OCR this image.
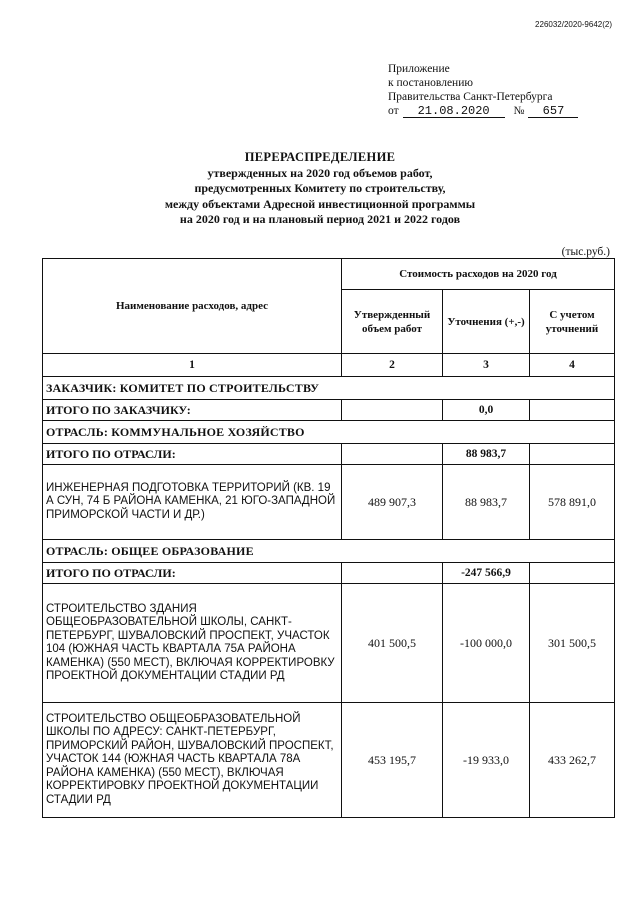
226032/2020-9642(2)
Приложение
к постановлению
Правительства Санкт-Петербурга
от 21.08.2020 № 657
ПЕРЕРАСПРЕДЕЛЕНИЕ
утвержденных на 2020 год объемов работ,
предусмотренных Комитету по строительству,
между объектами Адресной инвестиционной программы
на 2020 год и на плановый период 2021 и 2022 годов
(тыс.руб.)
Наименование расходов, адрес	Стоимость расходов на 2020 год		
	Утвержденный объем работ	Уточнения (+,-)	С учетом уточнений
1	2	3	4
ЗАКАЗЧИК: КОМИТЕТ ПО СТРОИТЕЛЬСТВУ			
ИТОГО ПО ЗАКАЗЧИКУ:		0,0	
ОТРАСЛЬ: КОММУНАЛЬНОЕ ХОЗЯЙСТВО			
ИТОГО ПО ОТРАСЛИ:		88 983,7	
ИНЖЕНЕРНАЯ ПОДГОТОВКА ТЕРРИТОРИЙ (КВ. 19 А СУН, 74 Б РАЙОНА КАМЕНКА, 21 ЮГО-ЗАПАДНОЙ ПРИМОРСКОЙ ЧАСТИ И ДР.)	489 907,3	88 983,7	578 891,0
ОТРАСЛЬ: ОБЩЕЕ ОБРАЗОВАНИЕ			
ИТОГО ПО ОТРАСЛИ:		-247 566,9	
СТРОИТЕЛЬСТВО ЗДАНИЯ ОБЩЕОБРАЗОВАТЕЛЬНОЙ ШКОЛЫ, САНКТ-ПЕТЕРБУРГ, ШУВАЛОВСКИЙ ПРОСПЕКТ, УЧАСТОК 104 (ЮЖНАЯ ЧАСТЬ КВАРТАЛА 75А РАЙОНА КАМЕНКА) (550 МЕСТ), ВКЛЮЧАЯ КОРРЕКТИРОВКУ ПРОЕКТНОЙ ДОКУМЕНТАЦИИ СТАДИИ РД	401 500,5	-100 000,0	301 500,5
СТРОИТЕЛЬСТВО ОБЩЕОБРАЗОВАТЕЛЬНОЙ ШКОЛЫ ПО АДРЕСУ: САНКТ-ПЕТЕРБУРГ, ПРИМОРСКИЙ РАЙОН, ШУВАЛОВСКИЙ ПРОСПЕКТ, УЧАСТОК 144 (ЮЖНАЯ ЧАСТЬ КВАРТАЛА 78А РАЙОНА КАМЕНКА) (550 МЕСТ), ВКЛЮЧАЯ КОРРЕКТИРОВКУ ПРОЕКТНОЙ ДОКУМЕНТАЦИИ СТАДИИ РД	453 195,7	-19 933,0	433 262,7
